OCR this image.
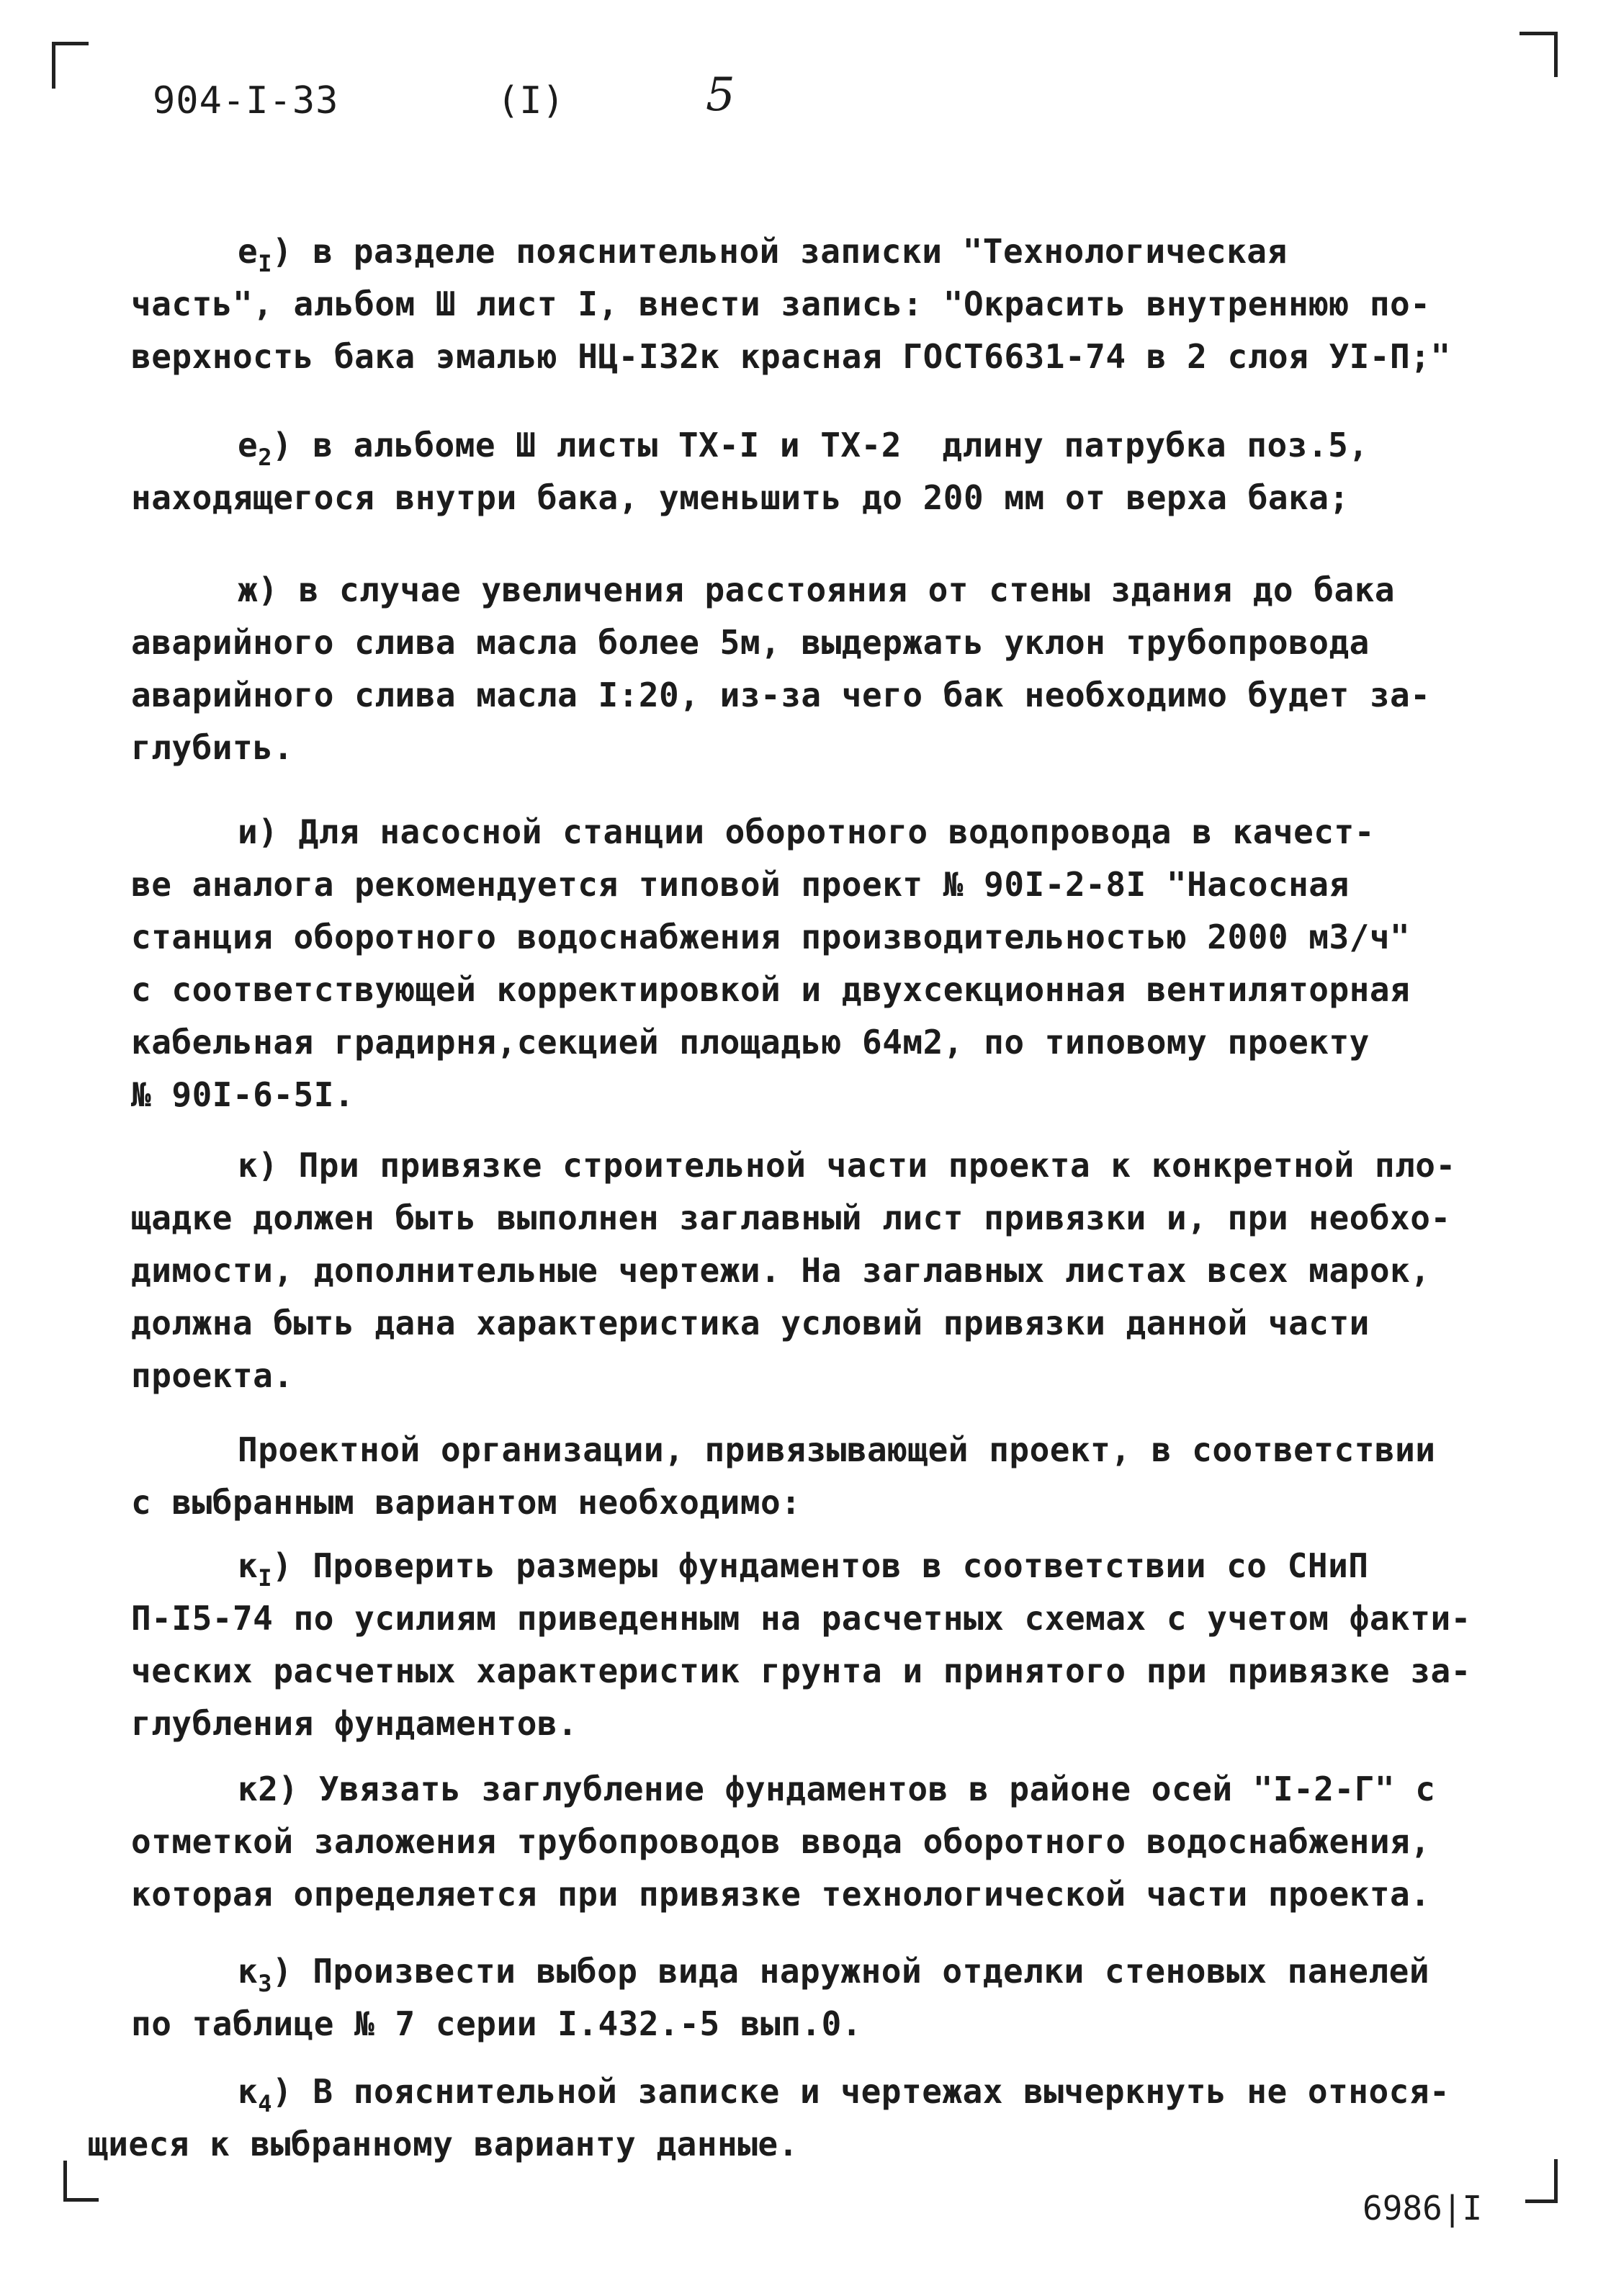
904-I-33	(I)	5
$е_I$) в разделе пояснительной записки "Технологическая
часть", альбом Ш лист I, внести запись: "Окрасить внутреннюю по-
верхность бака эмалью НЦ-I32к красная ГОСТ6631-74 в 2 слоя УI-П;"
$е_2$) в альбоме Ш листы ТХ-I и ТХ-2  длину патрубка поз.5,
находящегося внутри бака, уменьшить до 200 мм от верха бака;
ж) в случае увеличения расстояния от стены здания до бака
аварийного слива масла более 5м, выдержать уклон трубопровода
аварийного слива масла I:20, из-за чего бак необходимо будет за-
глубить.
и) Для насосной станции оборотного водопровода в качест-
ве аналога рекомендуется типовой проект № 90I-2-8I "Насосная
станция оборотного водоснабжения производительностью 2000 м3/ч"
с соответствующей корректировкой и двухсекционная вентиляторная
кабельная градирня,секцией площадью 64м2, по типовому проекту
№ 90I-6-5I.
к) При привязке строительной части проекта к конкретной пло-
щадке должен быть выполнен заглавный лист привязки и, при необхо-
димости, дополнительные чертежи. На заглавных листах всех марок,
должна быть дана характеристика условий привязки данной части
проекта.
Проектной организации, привязывающей проект, в соответствии
с выбранным вариантом необходимо:
$к_I$) Проверить размеры фундаментов в соответствии со СНиП
П-I5-74 по усилиям приведенным на расчетных схемах с учетом факти-
ческих расчетных характеристик грунта и принятого при привязке за-
глубления фундаментов.
к2) Увязать заглубление фундаментов в районе осей "I-2-Г" с
отметкой заложения трубопроводов ввода оборотного водоснабжения,
которая определяется при привязке технологической части проекта.
$к_3$) Произвести выбор вида наружной отделки стеновых панелей
по таблице № 7 серии I.432.-5 вып.0.
$к_4$) В пояснительной записке и чертежах вычеркнуть не относя-
щиеся к выбранному варианту данные.
6986|I
